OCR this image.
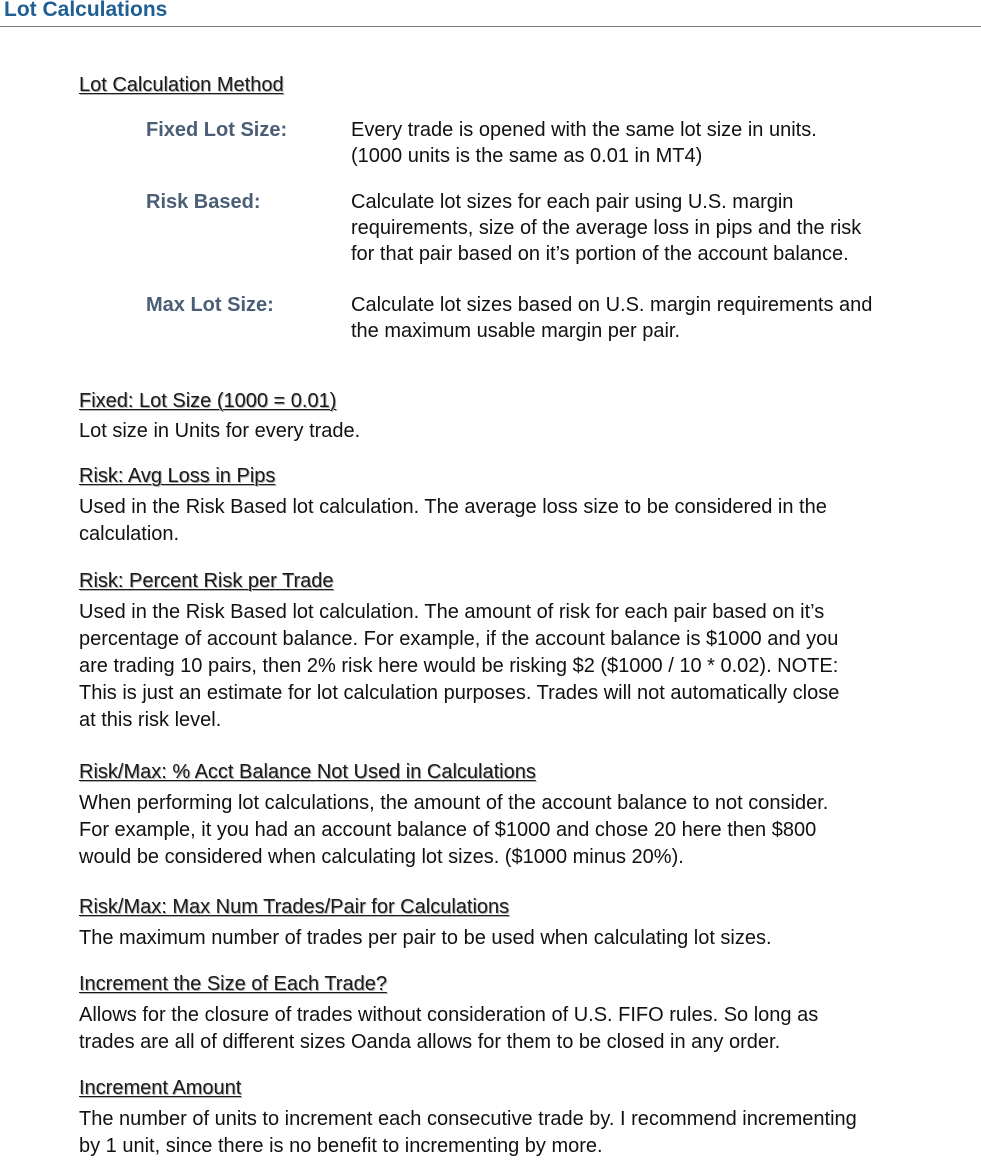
Lot Calculations
Lot Calculation Method
Fixed Lot Size:	Every trade is opened with the same lot size in units.
(1000 units is the same as 0.01 in MT4)
Risk Based:	Calculate lot sizes for each pair using U.S. margin
requirements, size of the average loss in pips and the risk
for that pair based on it’s portion of the account balance.
Max Lot Size:	Calculate lot sizes based on U.S. margin requirements and
the maximum usable margin per pair.
Fixed: Lot Size (1000 = 0.01)
Lot size in Units for every trade.
Risk: Avg Loss in Pips
Used in the Risk Based lot calculation. The average loss size to be considered in the
calculation.
Risk: Percent Risk per Trade
Used in the Risk Based lot calculation. The amount of risk for each pair based on it’s
percentage of account balance. For example, if the account balance is $1000 and you
are trading 10 pairs, then 2% risk here would be risking $2 ($1000 / 10 * 0.02). NOTE:
This is just an estimate for lot calculation purposes. Trades will not automatically close
at this risk level.
Risk/Max: % Acct Balance Not Used in Calculations
When performing lot calculations, the amount of the account balance to not consider.
For example, it you had an account balance of $1000 and chose 20 here then $800
would be considered when calculating lot sizes. ($1000 minus 20%).
Risk/Max: Max Num Trades/Pair for Calculations
The maximum number of trades per pair to be used when calculating lot sizes.
Increment the Size of Each Trade?
Allows for the closure of trades without consideration of U.S. FIFO rules. So long as
trades are all of different sizes Oanda allows for them to be closed in any order.
Increment Amount
The number of units to increment each consecutive trade by. I recommend incrementing
by 1 unit, since there is no benefit to incrementing by more.
